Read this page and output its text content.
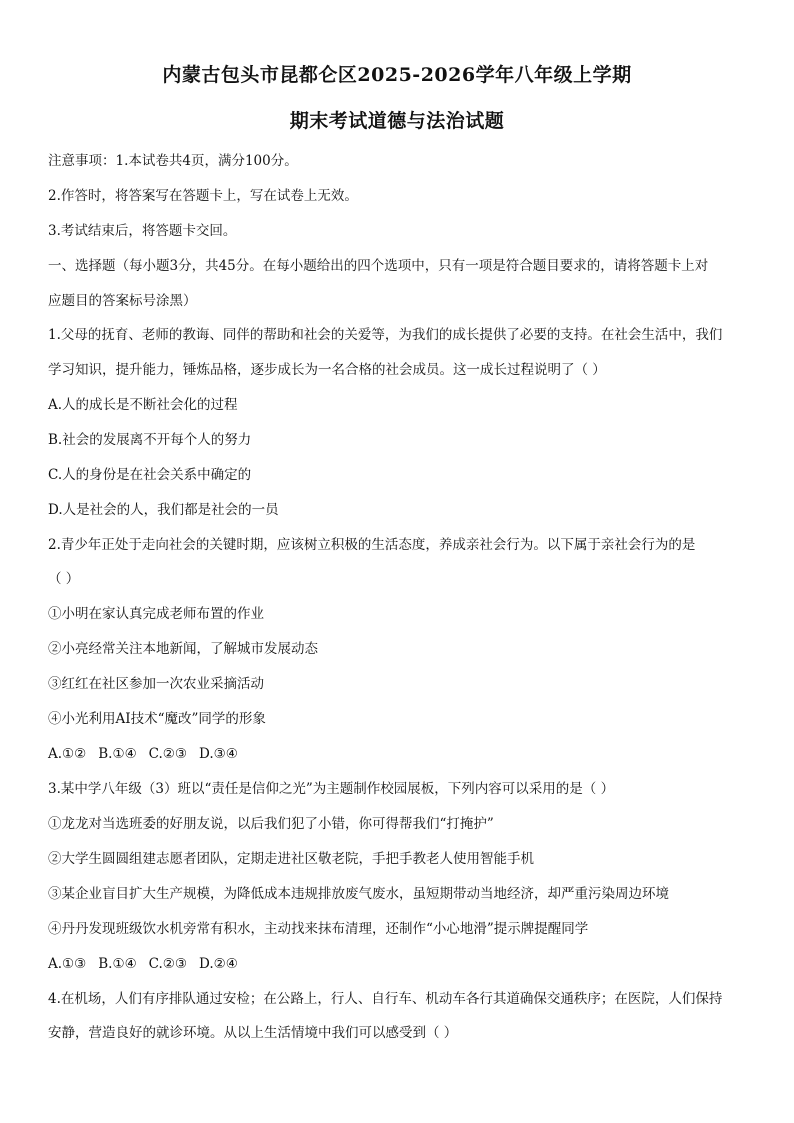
内蒙古包头市昆都仑区2025-2026学年八年级上学期
期末考试道德与法治试题
注意事项：1.本试卷共4页，满分100分。
2.作答时，将答案写在答题卡上，写在试卷上无效。
3.考试结束后，将答题卡交回。
一、选择题（每小题3分，共45分。在每小题给出的四个选项中，只有一项是符合题目要求的，请将答题卡上对
应题目的答案标号涂黑）
1.父母的抚育、老师的教诲、同伴的帮助和社会的关爱等，为我们的成长提供了必要的支持。在社会生活中，我们
学习知识，提升能力，锤炼品格，逐步成长为一名合格的社会成员。这一成长过程说明了（ ）
A.人的成长是不断社会化的过程
B.社会的发展离不开每个人的努力
C.人的身份是在社会关系中确定的
D.人是社会的人，我们都是社会的一员
2.青少年正处于走向社会的关键时期，应该树立积极的生活态度，养成亲社会行为。以下属于亲社会行为的是
（ ）
①小明在家认真完成老师布置的作业
②小亮经常关注本地新闻，了解城市发展动态
③红红在社区参加一次农业采摘活动
④小光利用AI技术“魔改”同学的形象
A.①② B.①④ C.②③ D.③④
3.某中学八年级（3）班以“责任是信仰之光”为主题制作校园展板，下列内容可以采用的是（ ）
①龙龙对当选班委的好朋友说，以后我们犯了小错，你可得帮我们“打掩护”
②大学生圆圆组建志愿者团队，定期走进社区敬老院，手把手教老人使用智能手机
③某企业盲目扩大生产规模，为降低成本违规排放废气废水，虽短期带动当地经济，却严重污染周边环境
④丹丹发现班级饮水机旁常有积水，主动找来抹布清理，还制作“小心地滑”提示牌提醒同学
A.①③ B.①④ C.②③ D.②④
4.在机场，人们有序排队通过安检；在公路上，行人、自行车、机动车各行其道确保交通秩序；在医院，人们保持
安静，营造良好的就诊环境。从以上生活情境中我们可以感受到（ ）
